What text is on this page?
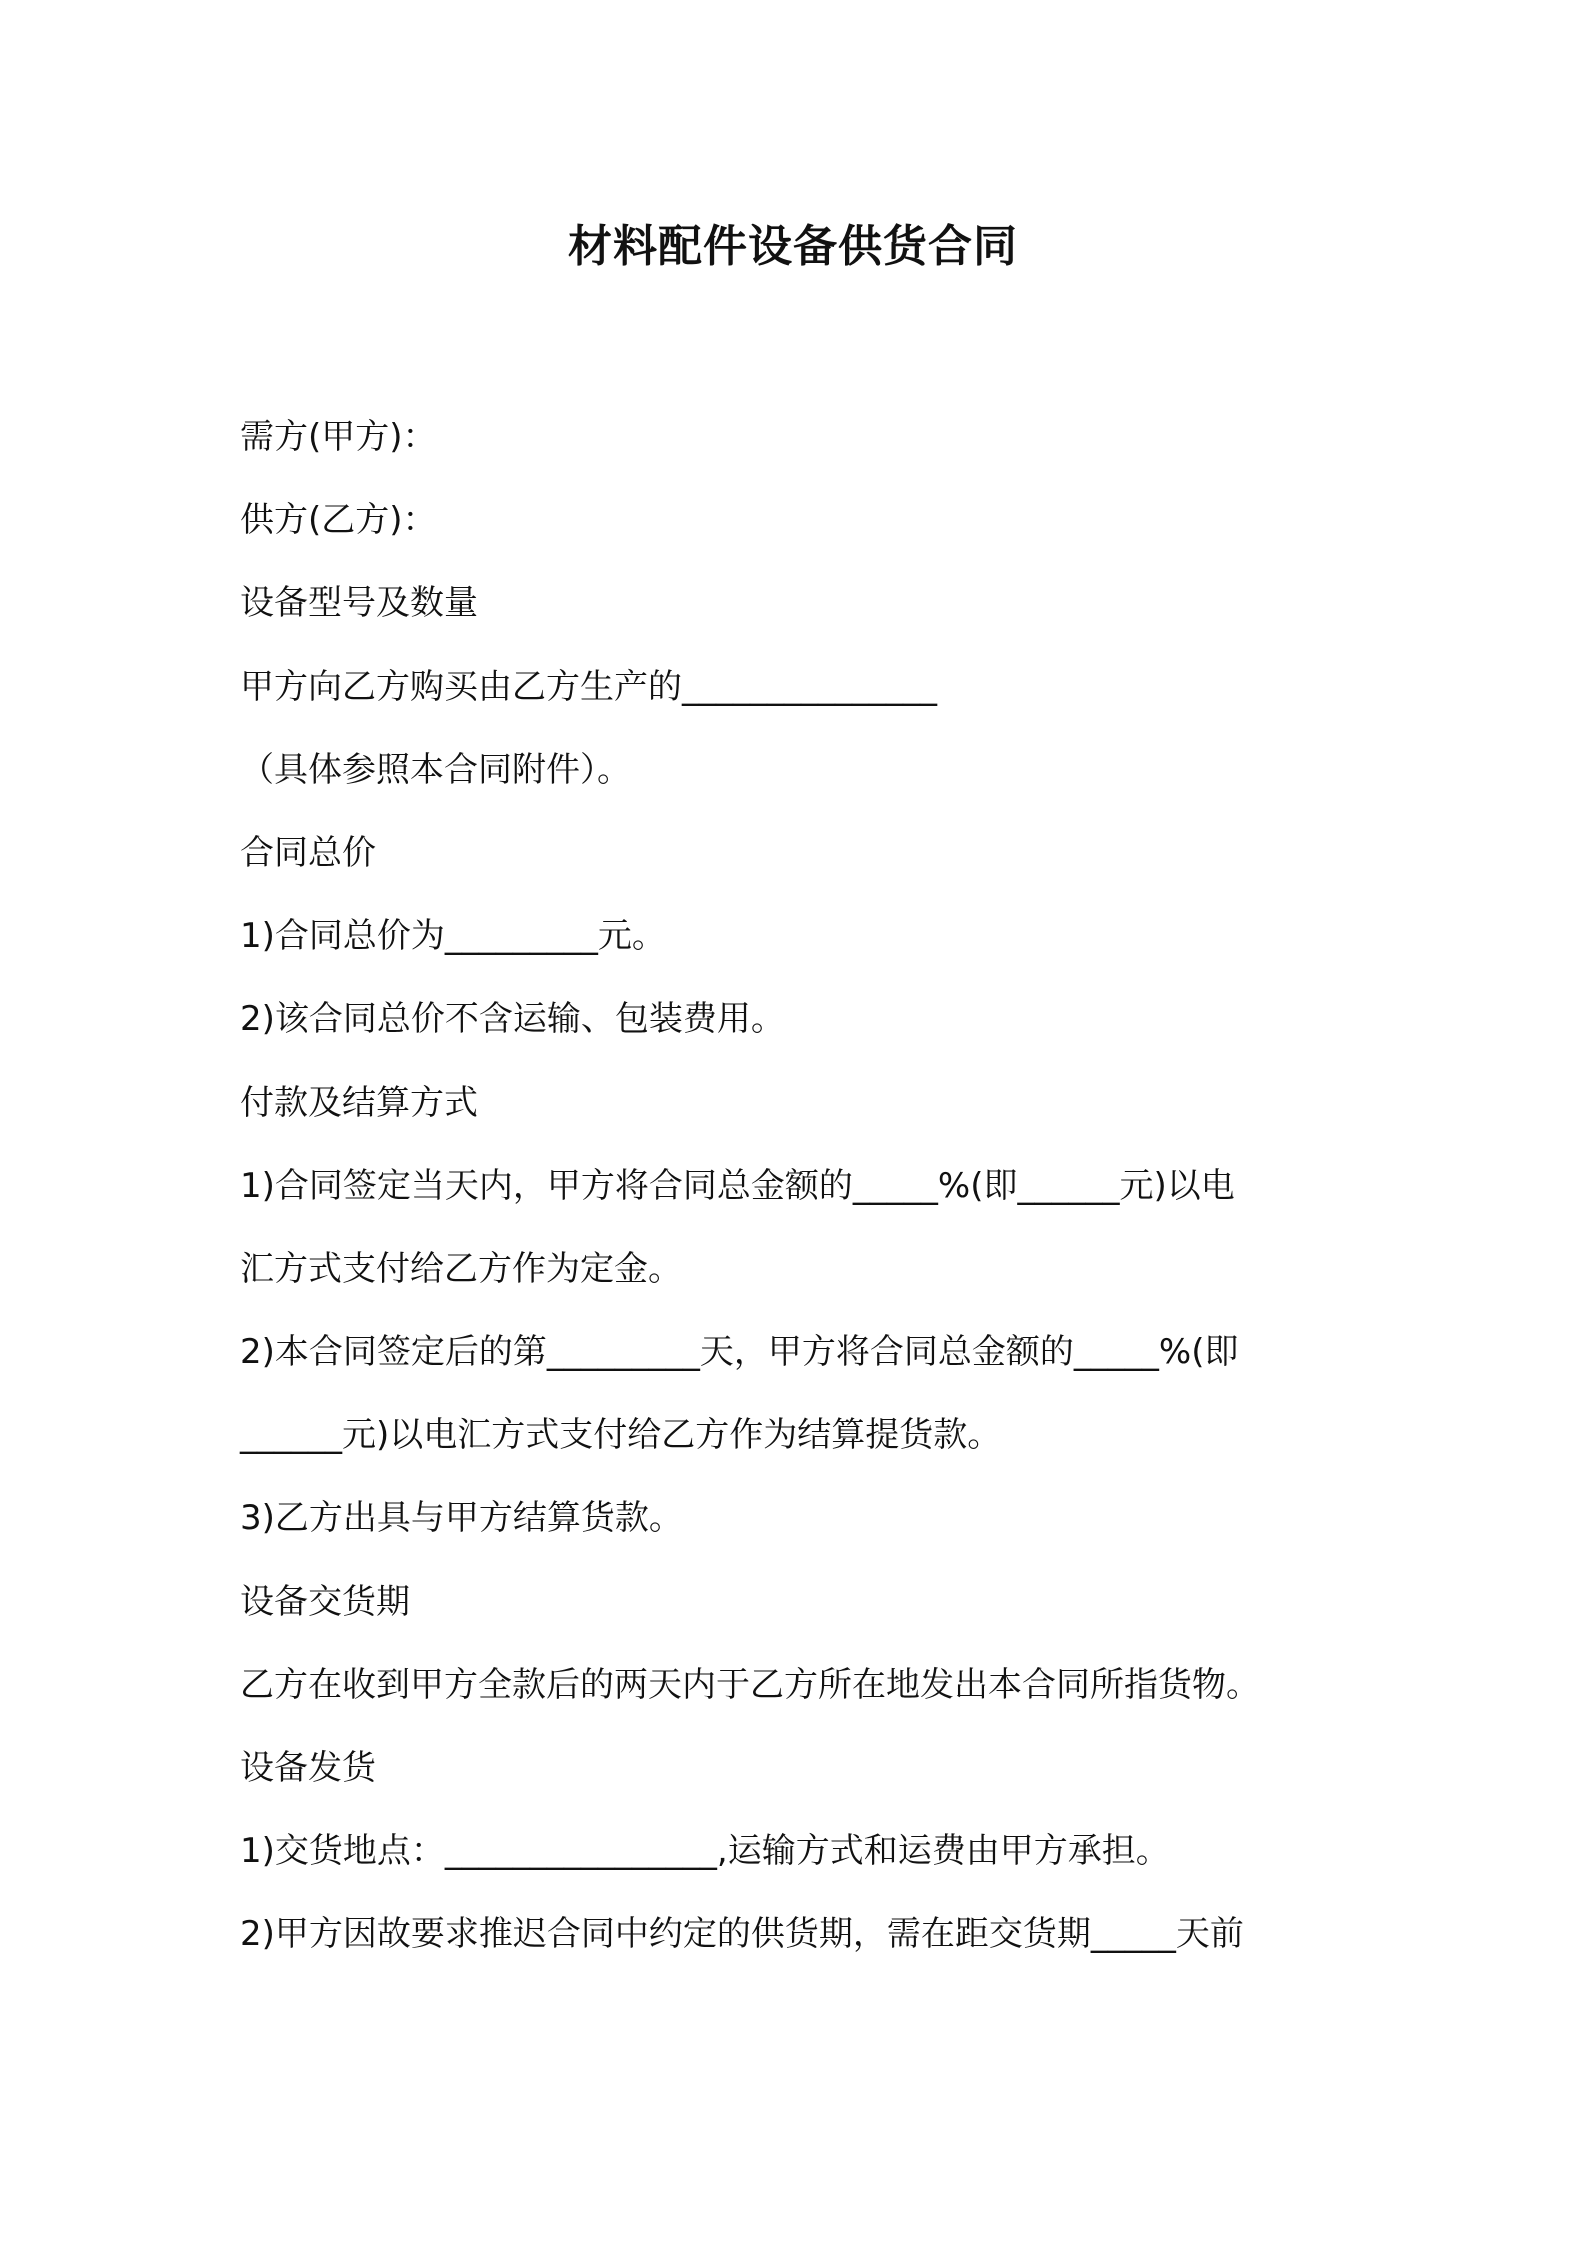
材料配件设备供货合同

需方(甲方)：

供方(乙方)：

设备型号及数量

甲方向乙方购买由乙方生产的_______________

（具体参照本合同附件）。

合同总价

1)合同总价为_________元。

2)该合同总价不含运输、包装费用。

付款及结算方式

1)合同签定当天内，甲方将合同总金额的_____%(即______元)以电

汇方式支付给乙方作为定金。

2)本合同签定后的第_________天，甲方将合同总金额的_____%(即

______元)以电汇方式支付给乙方作为结算提货款。

3)乙方出具与甲方结算货款。

设备交货期

乙方在收到甲方全款后的两天内于乙方所在地发出本合同所指货物。

设备发货

1)交货地点：________________,运输方式和运费由甲方承担。

2)甲方因故要求推迟合同中约定的供货期，需在距交货期_____天前
